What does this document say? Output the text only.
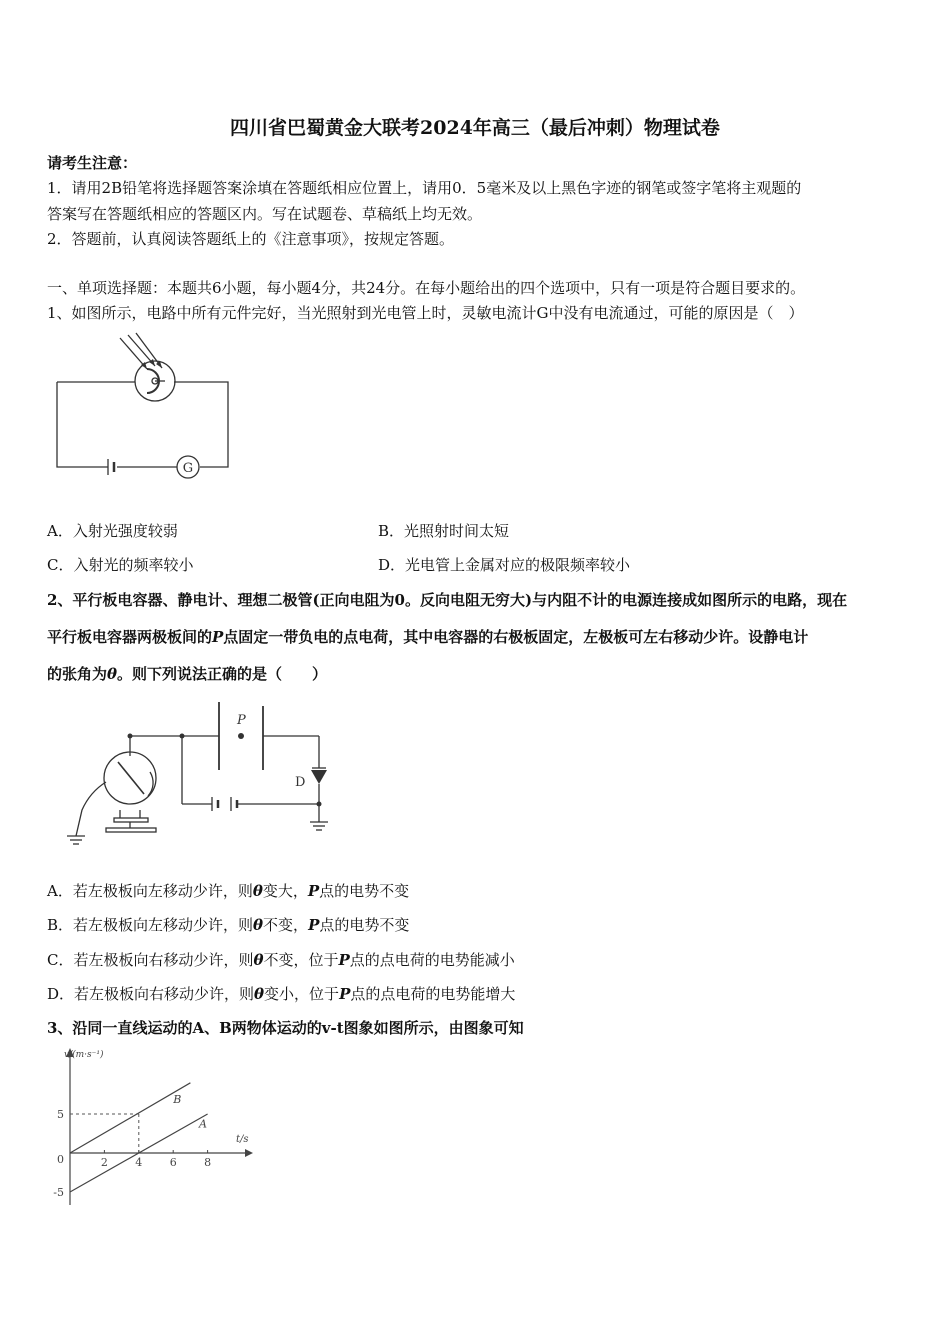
四川省巴蜀黄金大联考2024年高三（最后冲刺）物理试卷
请考生注意：
1．请用2B铅笔将选择题答案涂填在答题纸相应位置上，请用0．5毫米及以上黑色字迹的钢笔或签字笔将主观题的
答案写在答题纸相应的答题区内。写在试题卷、草稿纸上均无效。
2．答题前，认真阅读答题纸上的《注意事项》，按规定答题。
一、单项选择题：本题共6小题，每小题4分，共24分。在每小题给出的四个选项中，只有一项是符合题目要求的。
1、如图所示，电路中所有元件完好，当光照射到光电管上时，灵敏电流计G中没有电流通过，可能的原因是（　）
G
A．入射光强度较弱	B．光照射时间太短
C．入射光的频率较小	D．光电管上金属对应的极限频率较小
2、平行板电容器、静电计、理想二极管(正向电阻为0。反向电阻无穷大)与内阻不计的电源连接成如图所示的电路，现在
平行板电容器两极板间的P点固定一带负电的点电荷，其中电容器的右极板固定，左极板可左右移动少许。设静电计
的张角为θ。则下列说法正确的是（　　）
P
D
A．若左极板向左移动少许，则θ变大，P点的电势不变
B．若左极板向左移动少许，则θ不变，P点的电势不变
C．若左极板向右移动少许，则θ不变，位于P点的点电荷的电势能减小
D．若左极板向右移动少许，则θ变小，位于P点的点电荷的电势能增大
3、沿同一直线运动的A、B两物体运动的v-t图象如图所示，由图象可知
B
A
2 4 6 8
5
-5
v/(m·s⁻¹)
t/s
0
